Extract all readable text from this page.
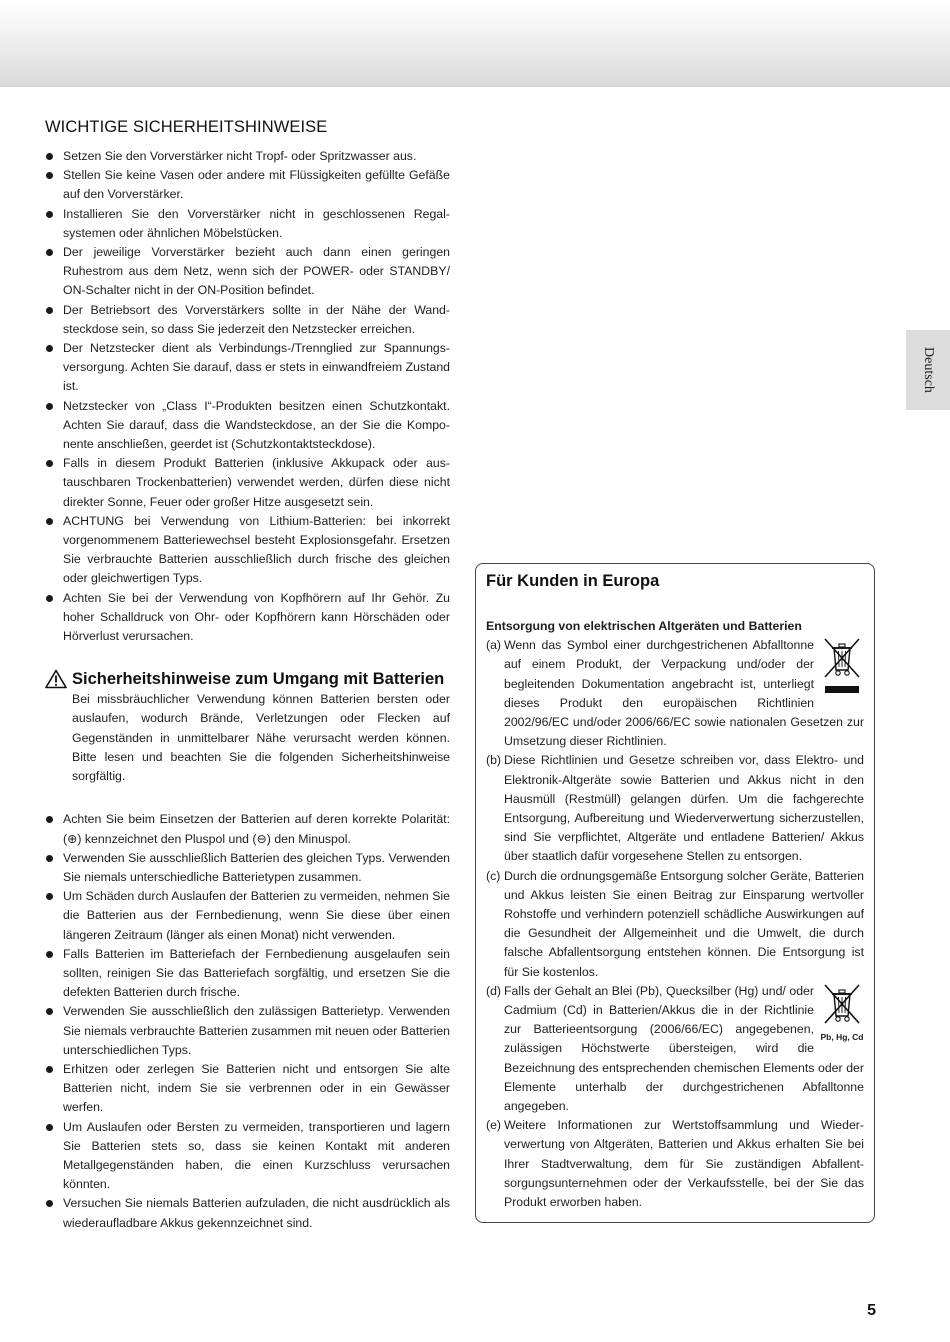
Deutsch
WICHTIGE SICHERHEITSHINWEISE
Setzen Sie den Vorverstärker nicht Tropf- oder Spritzwasser aus.
Stellen Sie keine Vasen oder andere mit Flüssigkeiten gefüllte Gefäße auf den Vorverstärker.
Installieren Sie den Vorverstärker nicht in geschlossenen Regalsystemen oder ähnlichen Möbelstücken.
Der jeweilige Vorverstärker bezieht auch dann einen geringen Ruhestrom aus dem Netz, wenn sich der POWER- oder STANDBY/ ON-Schalter nicht in der ON-Position befindet.
Der Betriebsort des Vorverstärkers sollte in der Nähe der Wandsteckdose sein, so dass Sie jederzeit den Netzstecker erreichen.
Der Netzstecker dient als Verbindungs-/Trennglied zur Spannungsversorgung. Achten Sie darauf, dass er stets in einwandfreiem Zustand ist.
Netzstecker von „Class Ι“-Produkten besitzen einen Schutzkontakt. Achten Sie darauf, dass die Wandsteckdose, an der Sie die Komponente anschließen, geerdet ist (Schutzkontaktsteckdose).
Falls in diesem Produkt Batterien (inklusive Akkupack oder austauschbaren Trockenbatterien) verwendet werden, dürfen diese nicht direkter Sonne, Feuer oder großer Hitze ausgesetzt sein.
ACHTUNG bei Verwendung von Lithium-Batterien: bei inkorrekt vorgenommenem Batteriewechsel besteht Explosionsgefahr. Ersetzen Sie verbrauchte Batterien ausschließlich durch frische des gleichen oder gleichwertigen Typs.
Achten Sie bei der Verwendung von Kopfhörern auf Ihr Gehör. Zu hoher Schalldruck von Ohr- oder Kopfhörern kann Hörschäden oder Hörverlust verursachen.
Sicherheitshinweise zum Umgang mit Batterien

Bei missbräuchlicher Verwendung können Batterien bersten oder auslaufen, wodurch Brände, Verletzungen oder Flecken auf Gegenständen in unmittelbarer Nähe verursacht werden können. Bitte lesen und beachten Sie die folgenden Sicherheitshinweise sorgfältig.

Achten Sie beim Einsetzen der Batterien auf deren korrekte Polarität: (⊕) kennzeichnet den Pluspol und (⊖) den Minuspol.
Verwenden Sie ausschließlich Batterien des gleichen Typs. Verwenden Sie niemals unterschiedliche Batterietypen zusammen.
Um Schäden durch Auslaufen der Batterien zu vermeiden, nehmen Sie die Batterien aus der Fernbedienung, wenn Sie diese über einen längeren Zeitraum (länger als einen Monat) nicht verwenden.
Falls Batterien im Batteriefach der Fernbedienung ausgelaufen sein sollten, reinigen Sie das Batteriefach sorgfältig, und ersetzen Sie die defekten Batterien durch frische.
Verwenden Sie ausschließlich den zulässigen Batterietyp. Verwenden Sie niemals verbrauchte Batterien zusammen mit neuen oder Batterien unterschiedlichen Typs.
Erhitzen oder zerlegen Sie Batterien nicht und entsorgen Sie alte Batterien nicht, indem Sie sie verbrennen oder in ein Gewässer werfen.
Um Auslaufen oder Bersten zu vermeiden, transportieren und lagern Sie Batterien stets so, dass sie keinen Kontakt mit anderen Metallgegenständen haben, die einen Kurzschluss verursachen könnten.
Versuchen Sie niemals Batterien aufzuladen, die nicht ausdrücklich als wiederaufladbare Akkus gekennzeichnet sind.
Für Kunden in Europa

Entsorgung von elektrischen Altgeräten und Batterien

(a) Wenn das Symbol einer durchgestrichenen Abfalltonne auf einem Produkt, der Verpackung und/oder der begleitenden Dokumentation angebracht ist, unterliegt dieses Produkt den europäischen Richtlinien 2002/96/EC und/oder 2006/66/EC sowie nationalen Gesetzen zur Umsetzung dieser Richtlinien.
(b) Diese Richtlinien und Gesetze schreiben vor, dass Elektro- und Elektronik-Altgeräte sowie Batterien und Akkus nicht in den Hausmüll (Restmüll) gelangen dürfen. Um die fachgerechte Entsorgung, Aufbereitung und Wiederverwertung sicherzustellen, sind Sie verpflichtet, Altgeräte und entladene Batterien/ Akkus über staatlich dafür vorgesehene Stellen zu entsorgen.
(c) Durch die ordnungsgemäße Entsorgung solcher Geräte, Batterien und Akkus leisten Sie einen Beitrag zur Einsparung wertvoller Rohstoffe und verhindern potenziell schädliche Auswirkungen auf die Gesundheit der Allgemeinheit und die Umwelt, die durch falsche Abfallentsorgung entstehen können. Die Entsorgung ist für Sie kostenlos.
(d)
Pb, Hg, Cd
Falls der Gehalt an Blei (Pb), Quecksilber (Hg) und/ oder Cadmium (Cd) in Batterien/Akkus die in der Richtlinie zur Batterieentsorgung (2006/66/EC) angegebenen, zulässigen Höchstwerte übersteigen, wird die Bezeichnung des entsprechenden chemischen Elements oder der Elemente unterhalb der durchgestrichenen Abfalltonne angegeben.
(e) Weitere Informationen zur Wertstoffsammlung und Wiederverwertung von Altgeräten, Batterien und Akkus erhalten Sie bei Ihrer Stadtverwaltung, dem für Sie zuständigen Abfallentsorgungsunternehmen oder der Verkaufsstelle, bei der Sie das Produkt erworben haben.
5
